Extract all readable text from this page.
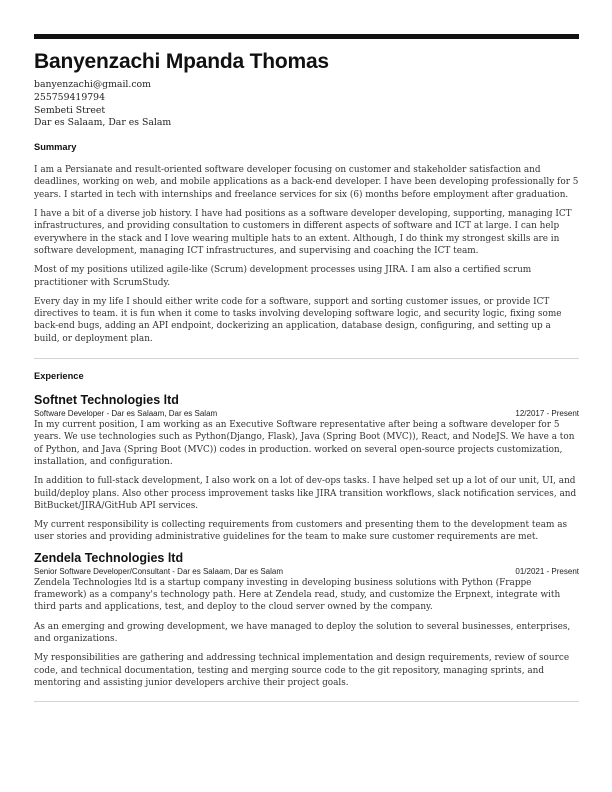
Banyenzachi Mpanda Thomas
banyenzachi@gmail.com
255759419794
Sembeti Street
Dar es Salaam, Dar es Salam
Summary

I am a Persianate and result-oriented software developer focusing on customer and stakeholder satisfaction and deadlines, working on web, and mobile applications as a back-end developer. I have been developing professionally for 5 years. I started in tech with internships and freelance services for six (6) months before employment after graduation.

I have a bit of a diverse job history. I have had positions as a software developer developing, supporting, managing ICT infrastructures, and providing consultation to customers in different aspects of software and ICT at large. I can help everywhere in the stack and I love wearing multiple hats to an extent. Although, I do think my strongest skills are in software development, managing ICT infrastructures, and supervising and coaching the ICT team.

Most of my positions utilized agile-like (Scrum) development processes using JIRA. I am also a certified scrum practitioner with ScrumStudy.

Every day in my life I should either write code for a software, support and sorting customer issues, or provide ICT directives to team. it is fun when it come to tasks involving developing software logic, and security logic, fixing some back-end bugs, adding an API endpoint, dockerizing an application, database design, configuring, and setting up a build, or deployment plan.

Experience
Softnet Technologies ltd
Software Developer - Dar es Salaam, Dar es Salam	12/2017 - Present

In my current position, I am working as an Executive Software representative after being a software developer for 5 years. We use technologies such as Python(Django, Flask), Java (Spring Boot (MVC)), React, and NodeJS. We have a ton of Python, and Java (Spring Boot (MVC)) codes in production. worked on several open-source projects customization, installation, and configuration.

In addition to full-stack development, I also work on a lot of dev-ops tasks. I have helped set up a lot of our unit, UI, and build/deploy plans. Also other process improvement tasks like JIRA transition workflows, slack notification services, and BitBucket/JIRA/GitHub API services.

My current responsibility is collecting requirements from customers and presenting them to the development team as user stories and providing administrative guidelines for the team to make sure customer requirements are met.

Zendela Technologies ltd
Senior Software Developer/Consultant - Dar es Salaam, Dar es Salam	01/2021 - Present

Zendela Technologies ltd is a startup company investing in developing business solutions with Python (Frappe framework) as a company's technology path. Here at Zendela read, study, and customize the Erpnext, integrate with third parts and applications, test, and deploy to the cloud server owned by the company.

As an emerging and growing development, we have managed to deploy the solution to several businesses, enterprises, and organizations.

My responsibilities are gathering and addressing technical implementation and design requirements, review of source code, and technical documentation, testing and merging source code to the git repository, managing sprints, and mentoring and assisting junior developers archive their project goals.
